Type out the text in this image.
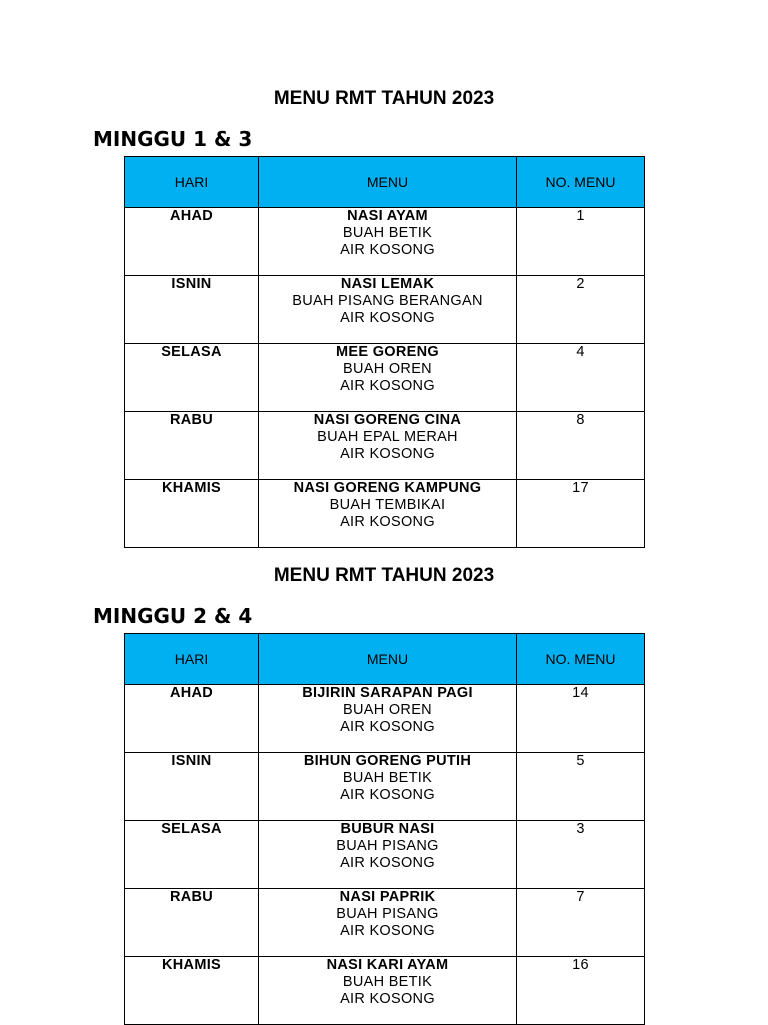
MENU RMT TAHUN 2023
MINGGU 1 & 3
HARI	MENU	NO. MENU
AHAD	NASI AYAM
BUAH BETIK
AIR KOSONG	1
ISNIN	NASI LEMAK
BUAH PISANG BERANGAN
AIR KOSONG	2
SELASA	MEE GORENG
BUAH OREN
AIR KOSONG	4
RABU	NASI GORENG CINA
BUAH EPAL MERAH
AIR KOSONG	8
KHAMIS	NASI GORENG KAMPUNG
BUAH TEMBIKAI
AIR KOSONG	17
MENU RMT TAHUN 2023
MINGGU 2 & 4
HARI	MENU	NO. MENU
AHAD	BIJIRIN SARAPAN PAGI
BUAH OREN
AIR KOSONG	14
ISNIN	BIHUN GORENG PUTIH
BUAH BETIK
AIR KOSONG	5
SELASA	BUBUR NASI
BUAH PISANG
AIR KOSONG	3
RABU	NASI PAPRIK
BUAH PISANG
AIR KOSONG	7
KHAMIS	NASI KARI AYAM
BUAH BETIK
AIR KOSONG	16
